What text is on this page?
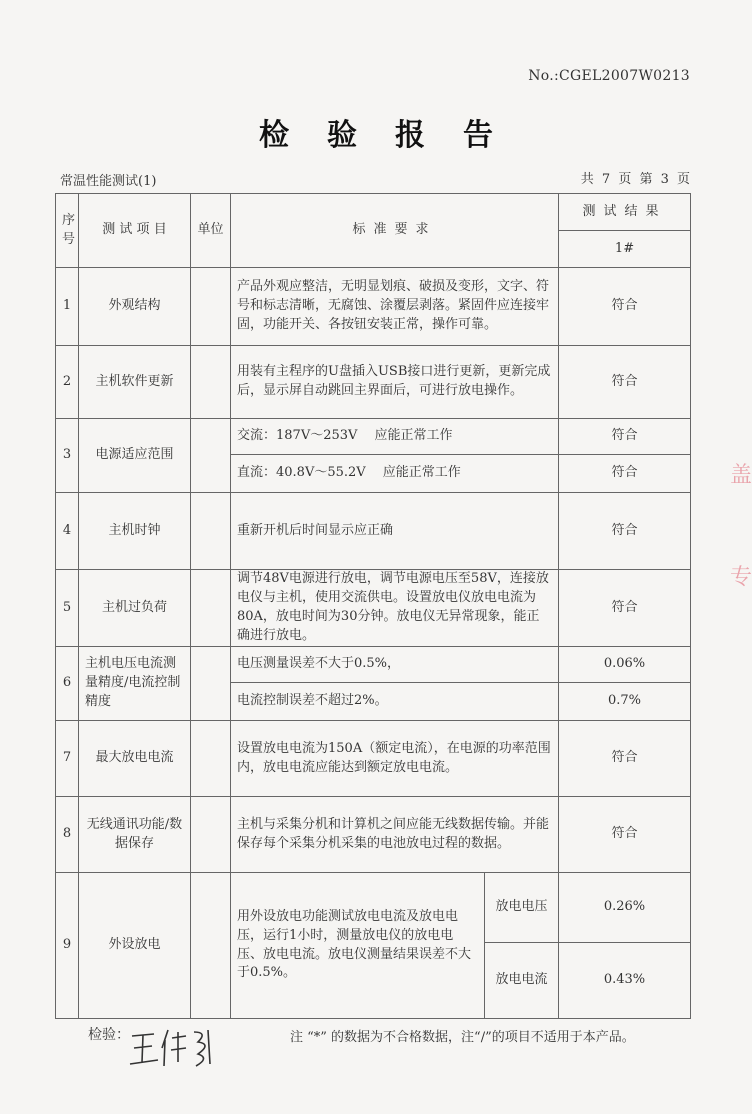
No.:CGEL2007W0213
检验报告
常温性能测试(1)	共 7 页 第 3 页
序号	测 试 项 目	单位	标准要求		测试结果
					1#
1	外观结构		产品外观应整洁，无明显划痕、破损及变形，文字、符号和标志清晰，无腐蚀、涂覆层剥落。紧固件应连接牢固，功能开关、各按钮安装正常，操作可靠。		符合
2	主机软件更新		用装有主程序的U盘插入USB接口进行更新，更新完成后，显示屏自动跳回主界面后，可进行放电操作。		符合
3	电源适应范围		交流：187V～253V　 应能正常工作		符合
			直流：40.8V～55.2V　 应能正常工作		符合
4	主机时钟		重新开机后时间显示应正确		符合
5	主机过负荷		调节48V电源进行放电，调节电源电压至58V，连接放电仪与主机，使用交流供电。设置放电仪放电电流为80A，放电时间为30分钟。放电仪无异常现象，能正确进行放电。		符合
6	主机电压电流测量精度/电流控制精度		电压测量误差不大于0.5%，		0.06%
			电流控制误差不超过2%。		0.7%
7	最大放电电流		设置放电电流为150A（额定电流），在电源的功率范围内，放电电流应能达到额定放电电流。		符合
8	无线通讯功能/数据保存		主机与采集分机和计算机之间应能无线数据传输。并能保存每个采集分机采集的电池放电过程的数据。		符合
9	外设放电		用外设放电功能测试放电电流及放电电压，运行1小时，测量放电仪的放电电压、放电电流。放电仪测量结果误差不大于0.5%。	放电电压	0.26%
				放电电流	0.43%
检验：	注 “*” 的数据为不合格数据，注“/”的项目不适用于本产品。
盖
专
